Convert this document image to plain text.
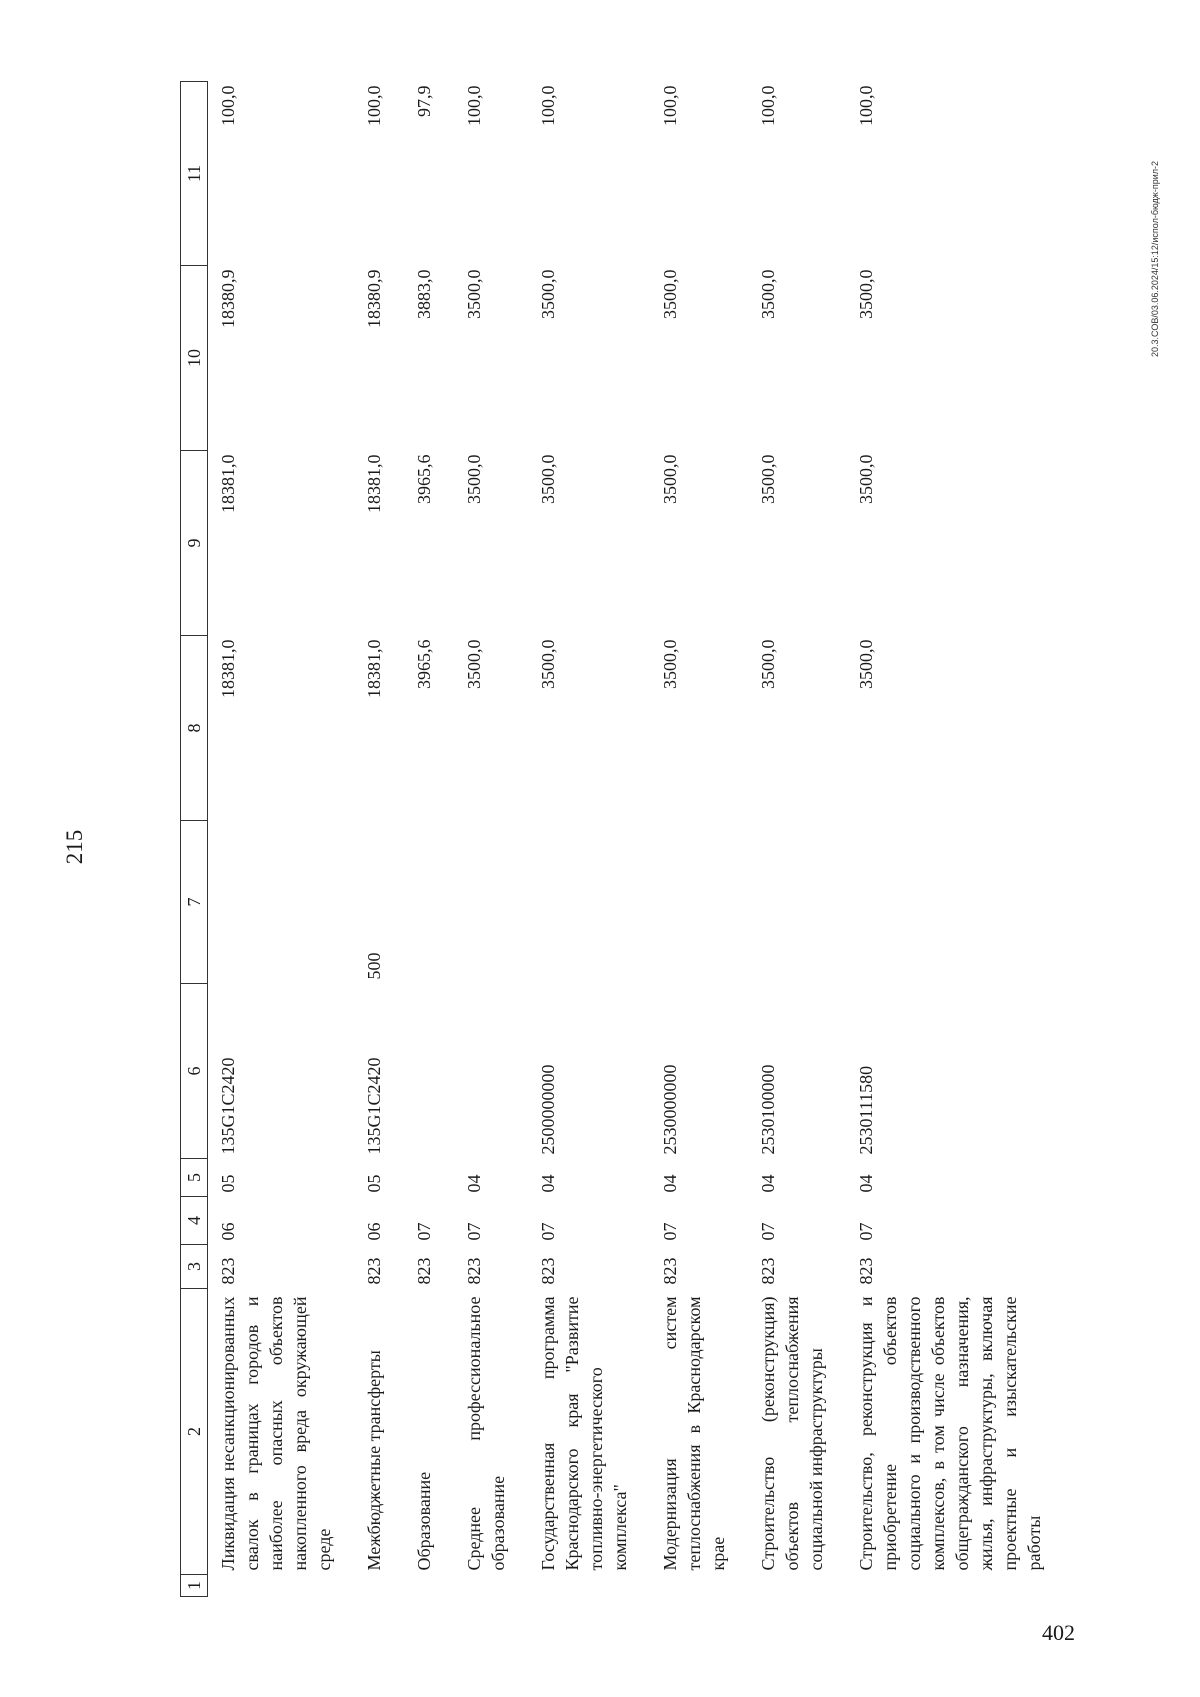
215
1	2	3	4	5	6	7	8	9	10	11
	Ликвидация несанкционированных свалок в границах городов и наиболее опасных объектов накопленного вреда окружающей среде	823	06	05	135G1C2420		18381,0	18381,0	18380,9	100,0
	Межбюджетные трансферты	823	06	05	135G1C2420	500	18381,0	18381,0	18380,9	100,0
	Образование	823	07				3965,6	3965,6	3883,0	97,9
	Среднее профессиональное образование	823	07	04			3500,0	3500,0	3500,0	100,0
	Государственная программа Краснодарского края "Развитие топливно-энергетического комплекса"	823	07	04	2500000000		3500,0	3500,0	3500,0	100,0
	Модернизация систем теплоснабжения в Краснодарском крае	823	07	04	2530000000		3500,0	3500,0	3500,0	100,0
	Строительство (реконструкция) объектов теплоснабжения социальной инфраструктуры	823	07	04	2530100000		3500,0	3500,0	3500,0	100,0
	Строительство, реконструкция и приобретение объектов социального и производственного комплексов, в том числе объектов общегражданского назначения, жилья, инфраструктуры, включая проектные и изыскательские работы	823	07	04	2530111580		3500,0	3500,0	3500,0	100,0
20.3.СОВ/03.06.2024/15:12/испол-бюдж-прил-2
402
